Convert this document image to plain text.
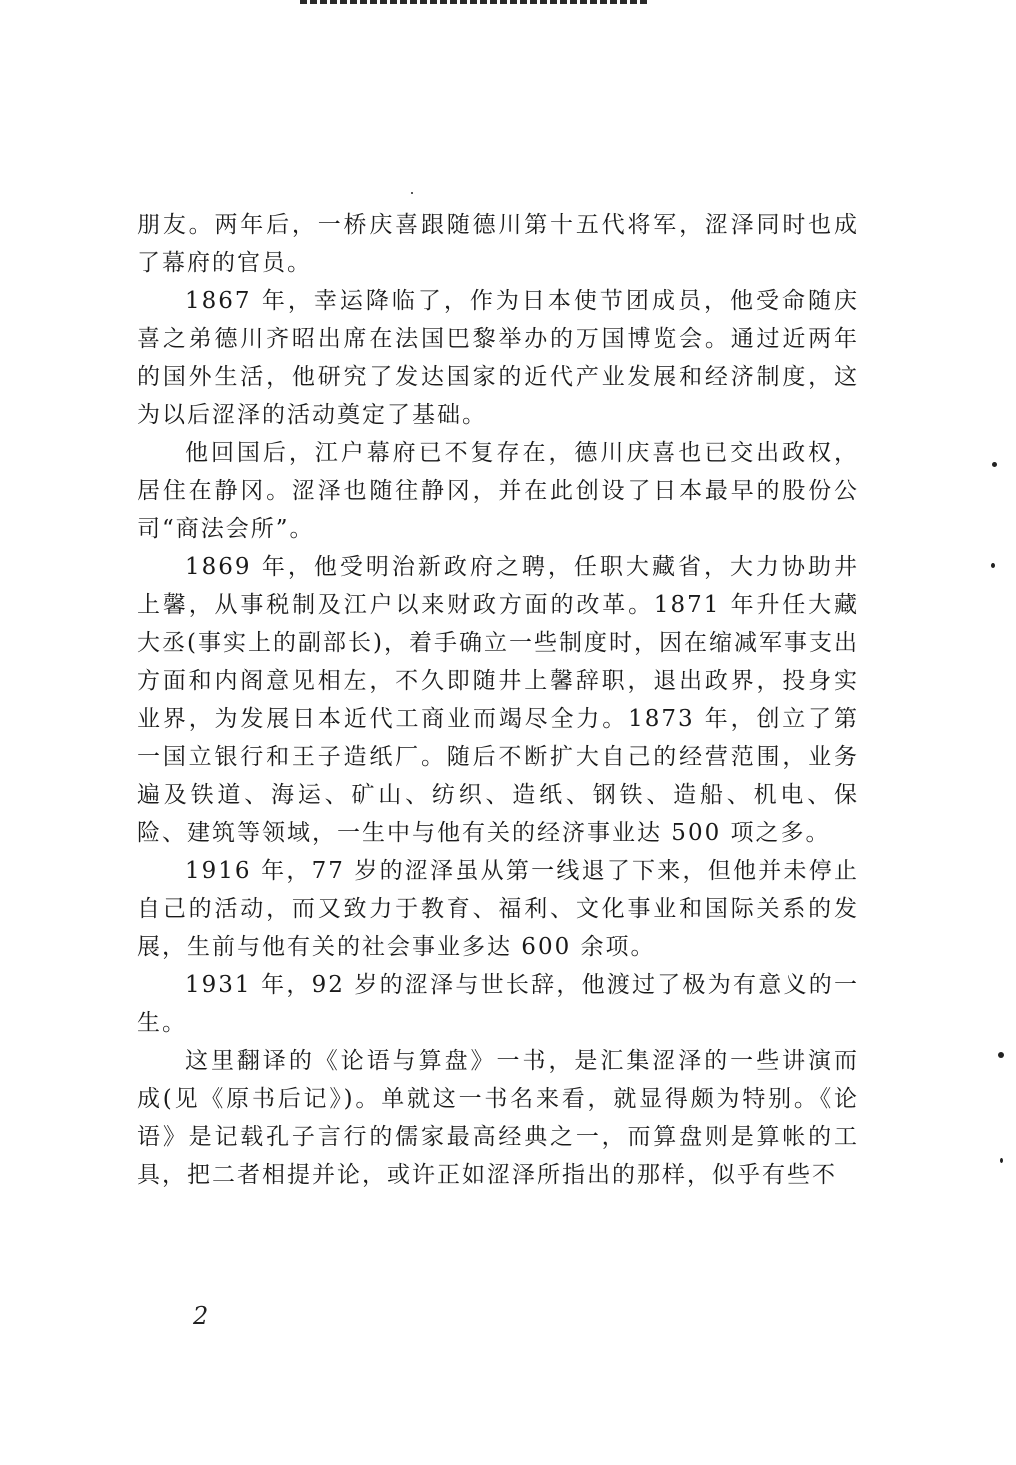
朋友。两年后，一桥庆喜跟随德川第十五代将军，涩泽同时也成了幕府的官员。

1867 年，幸运降临了，作为日本使节团成员，他受命随庆喜之弟德川齐昭出席在法国巴黎举办的万国博览会。通过近两年的国外生活，他研究了发达国家的近代产业发展和经济制度，这为以后涩泽的活动奠定了基础。

他回国后，江户幕府已不复存在，德川庆喜也已交出政权，居住在静冈。涩泽也随往静冈，并在此创设了日本最早的股份公司“商法会所”。

1869 年，他受明治新政府之聘，任职大藏省，大力协助井上馨，从事税制及江户以来财政方面的改革。1871 年升任大藏大丞(事实上的副部长)，着手确立一些制度时，因在缩减军事支出方面和内阁意见相左，不久即随井上馨辞职，退出政界，投身实业界，为发展日本近代工商业而竭尽全力。1873 年，创立了第一国立银行和王子造纸厂。随后不断扩大自己的经营范围，业务遍及铁道、海运、矿山、纺织、造纸、钢铁、造船、机电、保险、建筑等领域，一生中与他有关的经济事业达 500 项之多。

1916 年，77 岁的涩泽虽从第一线退了下来，但他并未停止自己的活动，而又致力于教育、福利、文化事业和国际关系的发展，生前与他有关的社会事业多达 600 余项。

1931 年，92 岁的涩泽与世长辞，他渡过了极为有意义的一生。

这里翻译的《论语与算盘》一书，是汇集涩泽的一些讲演而成(见《原书后记》)。单就这一书名来看，就显得颇为特别。《论语》是记载孔子言行的儒家最高经典之一，而算盘则是算帐的工具，把二者相提并论，或许正如涩泽所指出的那样，似乎有些不

2
